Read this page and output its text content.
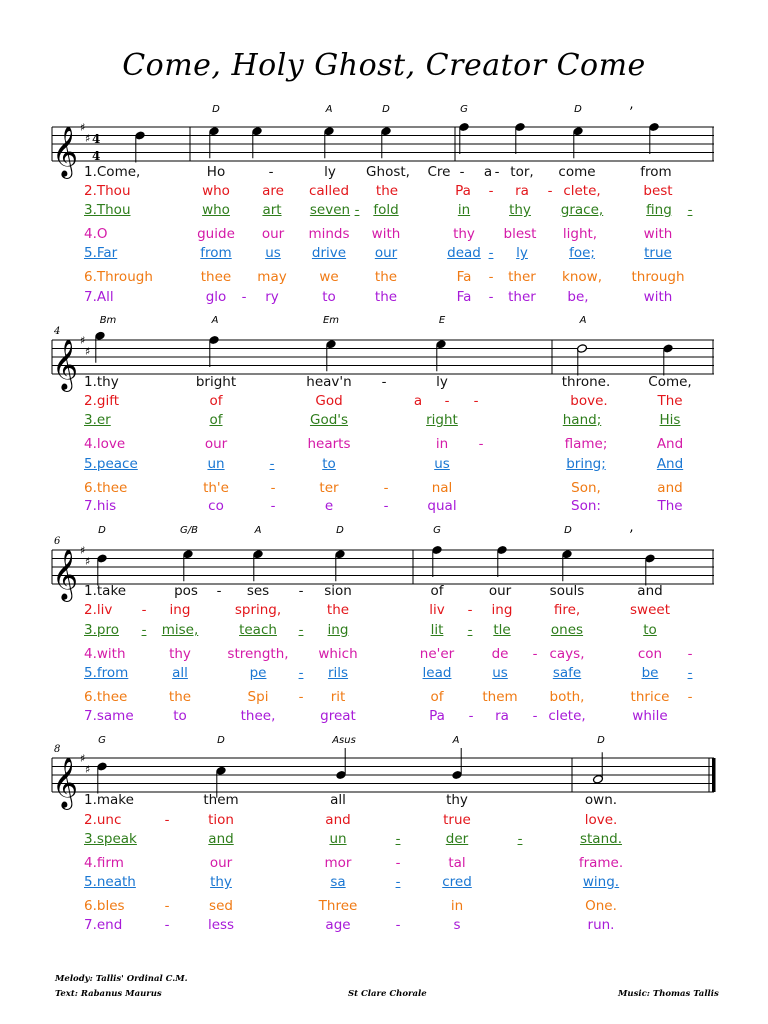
Come, Holy Ghost, Creator Come
𝄞 ♯
♯ 4
4
’
𝄞 ♯
♯
𝄞 ♯
♯
’
𝄞 ♯
♯
D	A	D	G	D
1.Come,	Ho	-	ly Ghost, Cre - a - tor, come	from
2.Thou	who are called the	Pa - ra - clete,	best
3.Thou	who art seven - fold	in	thy grace,	fing -
4.O	guide our minds with	thy blest light,	with
5.Far	from us drive our	dead - ly	foe;	true
6.Through	thee may we	the	Fa - ther know, through
7.All	glo - ry	to	the	Fa - ther be,	with
4
Bm	A	Em	E	A
1.thy	bright	heav'n -	ly	throne.	Come,
2.gift	of	God	a - -	bove.	The
3.er	of	God's	right	hand;	His
4.love	our	hearts	in -	flame;	And
5.peace	un	-	to	us	bring;	And
6.thee	th'e	-	ter	-	nal	Son,	and
7.his	co	-	e	-	qual	Son:	The
6
D	G/B	A	D	G	D
1.take	pos - ses - sion	of	our	souls	and
2.liv - ing	spring,	the	liv - ing	fire,	sweet
3.pro - mise,	teach - ing	lit - tle	ones	to
4.with	thy	strength, which	ne'er	de - cays,	con -
5.from	all	pe - rils	lead	us	safe	be -
6.thee	the	Spi - rit	of	them both,	thrice -
7.same	to	thee,	great	Pa - ra - clete,	while
8
G	D	Asus	A	D
1.make	them	all	thy	own.
2.unc	-	tion	and	true	love.
3.speak	and	un	-	der	-	stand.
4.firm	our	mor	-	tal	frame.
5.neath	thy	sa	-	cred	wing.
6.bles	-	sed	Three	in	One.
7.end	-	less	age	-	s	run.
Melody: Tallis' Ordinal C.M.
Text: Rabanus Maurus	St Clare Chorale	Music: Thomas Tallis
